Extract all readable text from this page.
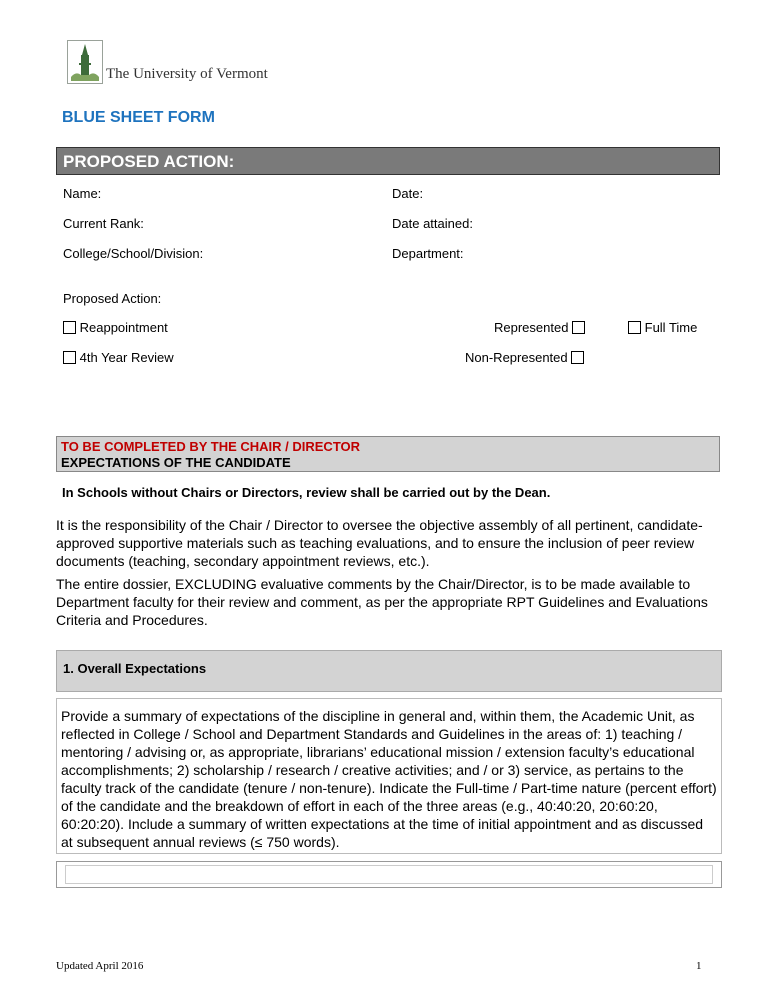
The University of Vermont
BLUE SHEET FORM
PROPOSED ACTION:
Name:	Date:
Current Rank:	Date attained:
College/School/Division:	Department:
Proposed Action:
Reappointment	Represented	Full Time
4th Year Review	Non-Represented
TO BE COMPLETED BY THE CHAIR / DIRECTOR
EXPECTATIONS OF THE CANDIDATE
In Schools without Chairs or Directors, review shall be carried out by the Dean.
It is the responsibility of the Chair / Director to oversee the objective assembly of all pertinent, candidate-approved supportive materials such as teaching evaluations, and to ensure the inclusion of peer review documents (teaching, secondary appointment reviews, etc.).
The entire dossier, EXCLUDING evaluative comments by the Chair/Director, is to be made available to Department faculty for their review and comment, as per the appropriate RPT Guidelines and Evaluations Criteria and Procedures.
1. Overall Expectations
Provide a summary of expectations of the discipline in general and, within them, the Academic Unit, as reflected in College / School and Department Standards and Guidelines in the areas of: 1) teaching / mentoring / advising or, as appropriate, librarians’ educational mission / extension faculty’s educational accomplishments; 2) scholarship / research / creative activities; and / or 3) service, as pertains to the faculty track of the candidate (tenure / non-tenure). Indicate the Full-time / Part-time nature (percent effort) of the candidate and the breakdown of effort in each of the three areas (e.g., 40:40:20, 20:60:20, 60:20:20). Include a summary of written expectations at the time of initial appointment and as discussed at subsequent annual reviews (≤ 750 words).
Updated April 2016	1
